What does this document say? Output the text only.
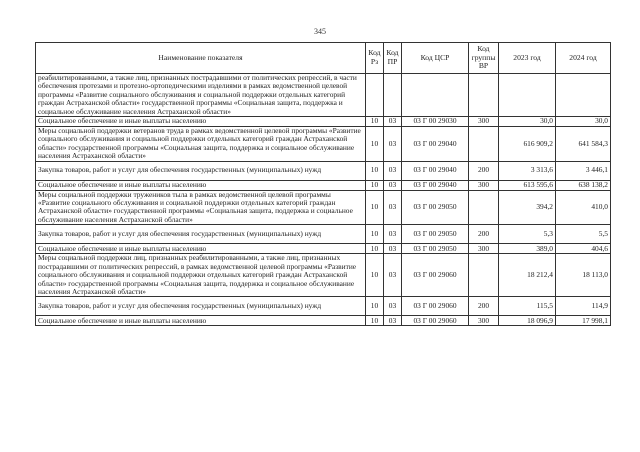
345
Наименование показателя	Код Рз	Код ПР	Код ЦСР	Код группы ВР	2023 год	2024 год
реабилитированными, а также лиц, признанных пострадавшими от политических репрессий, в части обеспечения протезами и протезно-ортопедическими изделиями в рамках ведомственной целевой программы «Развитие социального обслуживания и социальной поддержки отдельных категорий граждан Астраханской области» государственной программы «Социальная защита, поддержка и социальное обслуживание населения Астраханской области»						
Социальное обеспечение и иные выплаты населению	10	03	03 Г 00 29030	300	30,0	30,0
Меры социальной поддержки ветеранов труда в рамках ведомственной целевой программы «Развитие социального обслуживания и социальной поддержки отдельных категорий граждан Астраханской области» государственной программы «Социальная защита, поддержка и социальное обслуживание населения Астраханской области»	10	03	03 Г 00 29040		616 909,2	641 584,3
Закупка товаров, работ и услуг для обеспечения государственных (муниципальных) нужд	10	03	03 Г 00 29040	200	3 313,6	3 446,1
Социальное обеспечение и иные выплаты населению	10	03	03 Г 00 29040	300	613 595,6	638 138,2
Меры социальной поддержки тружеников тыла в рамках ведомственной целевой программы «Развитие социального обслуживания и социальной поддержки отдельных категорий граждан Астраханской области» государственной программы «Социальная защита, поддержка и социальное обслуживание населения Астраханской области»	10	03	03 Г 00 29050		394,2	410,0
Закупка товаров, работ и услуг для обеспечения государственных (муниципальных) нужд	10	03	03 Г 00 29050	200	5,3	5,5
Социальное обеспечение и иные выплаты населению	10	03	03 Г 00 29050	300	389,0	404,6
Меры социальной поддержки лиц, признанных реабилитированными, а также лиц, признанных пострадавшими от политических репрессий, в рамках ведомственной целевой программы «Развитие социального обслуживания и социальной поддержки отдельных категорий граждан Астраханской области» государственной программы «Социальная защита, поддержка и социальное обслуживание населения Астраханской области»	10	03	03 Г 00 29060		18 212,4	18 113,0
Закупка товаров, работ и услуг для обеспечения государственных (муниципальных) нужд	10	03	03 Г 00 29060	200	115,5	114,9
Социальное обеспечение и иные выплаты населению	10	03	03 Г 00 29060	300	18 096,9	17 998,1
